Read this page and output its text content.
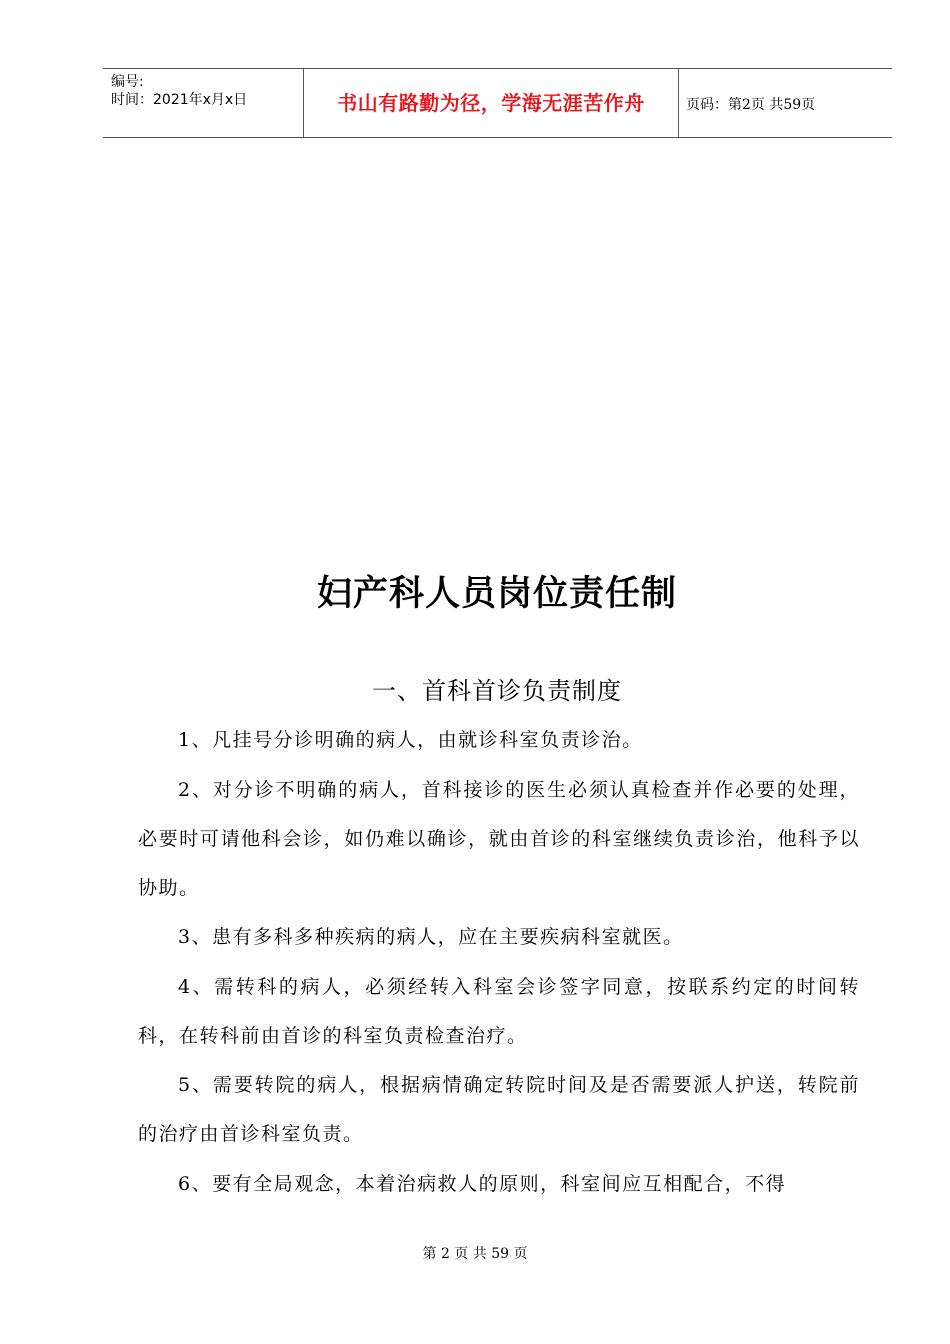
编号:
时间：2021年x月x日	书山有路勤为径，学海无涯苦作舟	页码：第2页 共59页
妇产科人员岗位责任制
一、首科首诊负责制度

1、凡挂号分诊明确的病人，由就诊科室负责诊治。

2、对分诊不明确的病人，首科接诊的医生必须认真检查并作必要的处理，必要时可请他科会诊，如仍难以确诊，就由首诊的科室继续负责诊治，他科予以协助。

3、患有多科多种疾病的病人，应在主要疾病科室就医。

4、需转科的病人，必须经转入科室会诊签字同意，按联系约定的时间转科，在转科前由首诊的科室负责检查治疗。

5、需要转院的病人，根据病情确定转院时间及是否需要派人护送，转院前的治疗由首诊科室负责。

6、要有全局观念，本着治病救人的原则，科室间应互相配合，不得

第 2 页 共 59 页
